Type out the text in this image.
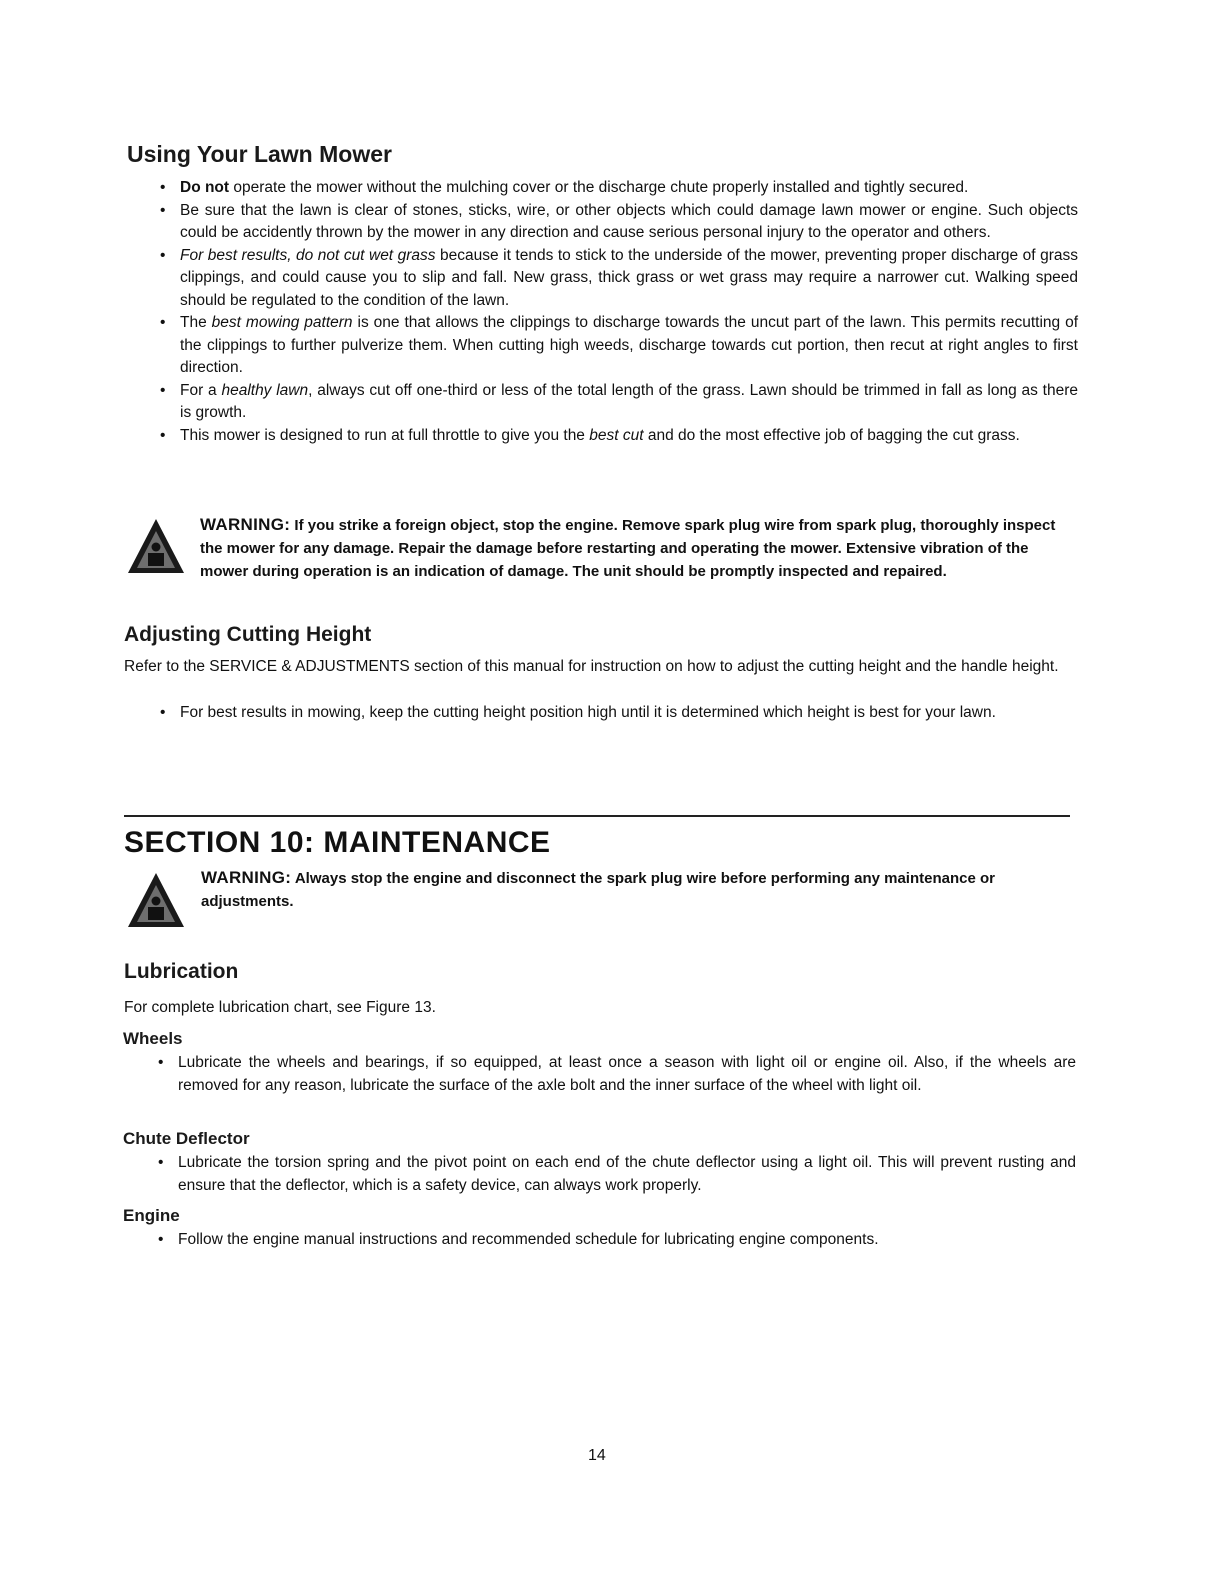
Using Your Lawn Mower
• Do not operate the mower without the mulching cover or the discharge chute properly installed and tightly secured.
• Be sure that the lawn is clear of stones, sticks, wire, or other objects which could damage lawn mower or engine. Such objects could be accidently thrown by the mower in any direction and cause serious personal injury to the operator and others.
• For best results, do not cut wet grass because it tends to stick to the underside of the mower, preventing proper discharge of grass clippings, and could cause you to slip and fall. New grass, thick grass or wet grass may require a narrower cut. Walking speed should be regulated to the condition of the lawn.
• The best mowing pattern is one that allows the clippings to discharge towards the uncut part of the lawn. This permits recutting of the clippings to further pulverize them. When cutting high weeds, discharge towards cut portion, then recut at right angles to first direction.
• For a healthy lawn, always cut off one-third or less of the total length of the grass. Lawn should be trimmed in fall as long as there is growth.
• This mower is designed to run at full throttle to give you the best cut and do the most effective job of bagging the cut grass.

WARNING: If you strike a foreign object, stop the engine. Remove spark plug wire from spark plug, thoroughly inspect the mower for any damage. Repair the damage before restarting and operating the mower. Extensive vibration of the mower during operation is an indication of damage. The unit should be promptly inspected and repaired.

Adjusting Cutting Height

Refer to the SERVICE & ADJUSTMENTS section of this manual for instruction on how to adjust the cutting height and the handle height.

• For best results in mowing, keep the cutting height position high until it is determined which height is best for your lawn.
SECTION 10: MAINTENANCE

WARNING: Always stop the engine and disconnect the spark plug wire before performing any maintenance or adjustments.

Lubrication

For complete lubrication chart, see Figure 13.

Wheels
• Lubricate the wheels and bearings, if so equipped, at least once a season with light oil or engine oil. Also, if the wheels are removed for any reason, lubricate the surface of the axle bolt and the inner surface of the wheel with light oil.
Chute Deflector
• Lubricate the torsion spring and the pivot point on each end of the chute deflector using a light oil. This will prevent rusting and ensure that the deflector, which is a safety device, can always work properly.
Engine
• Follow the engine manual instructions and recommended schedule for lubricating engine components.
14
